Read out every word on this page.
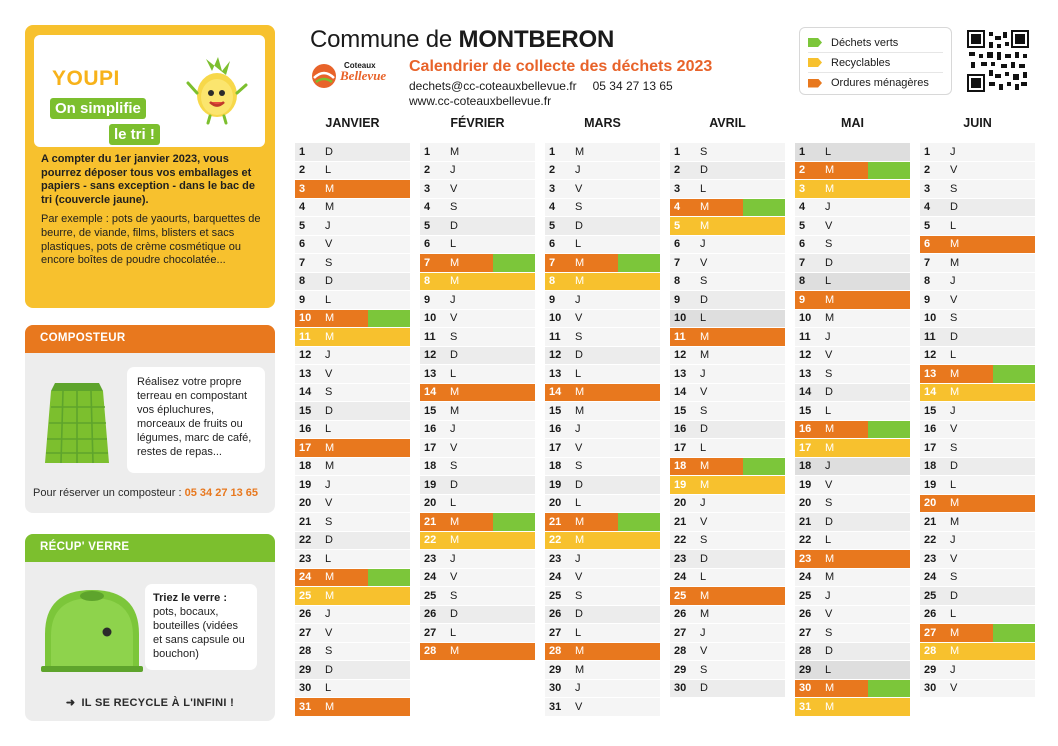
YOUPI
On simplifie
le tri !

A compter du 1er janvier 2023, vous pourrez déposer tous vos emballages et papiers - sans exception - dans le bac de tri (couvercle jaune).

Par exemple : pots de yaourts, barquettes de beurre, de viande, films, blisters et sacs plastiques, pots de crème cosmétique ou encore boîtes de poudre chocolatée...

COMPOSTEUR
Réalisez votre propre terreau en compostant vos épluchures, morceaux de fruits ou légumes, marc de café, restes de repas...
Pour réserver un composteur : 05 34 27 13 65
RÉCUP' VERRE
Triez le verre :
pots, bocaux, bouteilles (vidées et sans capsule ou bouchon)
➜ IL SE RECYCLE À L'INFINI !
Commune de MONTBERON
Coteaux
Bellevue
Calendrier de collecte des déchets 2023
dechets@cc-coteauxbellevue.fr 05 34 27 13 65
www.cc-coteauxbellevue.fr
Déchets verts
Recyclables
Ordures ménagères
JANVIER
1	D
2	L
3	M
4	M
5	J
6	V
7	S
8	D
9	L
10	M
11	M
12	J
13	V
14	S
15	D
16	L
17	M
18	M
19	J
20	V
21	S
22	D
23	L
24	M
25	M
26	J
27	V
28	S
29	D
30	L
31	M
FÉVRIER
1	M
2	J
3	V
4	S
5	D
6	L
7	M
8	M
9	J
10	V
11	S
12	D
13	L
14	M
15	M
16	J
17	V
18	S
19	D
20	L
21	M
22	M
23	J
24	V
25	S
26	D
27	L
28	M
MARS
1	M
2	J
3	V
4	S
5	D
6	L
7	M
8	M
9	J
10	V
11	S
12	D
13	L
14	M
15	M
16	J
17	V
18	S
19	D
20	L
21	M
22	M
23	J
24	V
25	S
26	D
27	L
28	M
29	M
30	J
31	V
AVRIL
1	S
2	D
3	L
4	M
5	M
6	J
7	V
8	S
9	D
10	L
11	M
12	M
13	J
14	V
15	S
16	D
17	L
18	M
19	M
20	J
21	V
22	S
23	D
24	L
25	M
26	M
27	J
28	V
29	S
30	D
MAI
1	L
2	M
3	M
4	J
5	V
6	S
7	D
8	L
9	M
10	M
11	J
12	V
13	S
14	D
15	L
16	M
17	M
18	J
19	V
20	S
21	D
22	L
23	M
24	M
25	J
26	V
27	S
28	D
29	L
30	M
31	M
JUIN
1	J
2	V
3	S
4	D
5	L
6	M
7	M
8	J
9	V
10	S
11	D
12	L
13	M
14	M
15	J
16	V
17	S
18	D
19	L
20	M
21	M
22	J
23	V
24	S
25	D
26	L
27	M
28	M
29	J
30	V
